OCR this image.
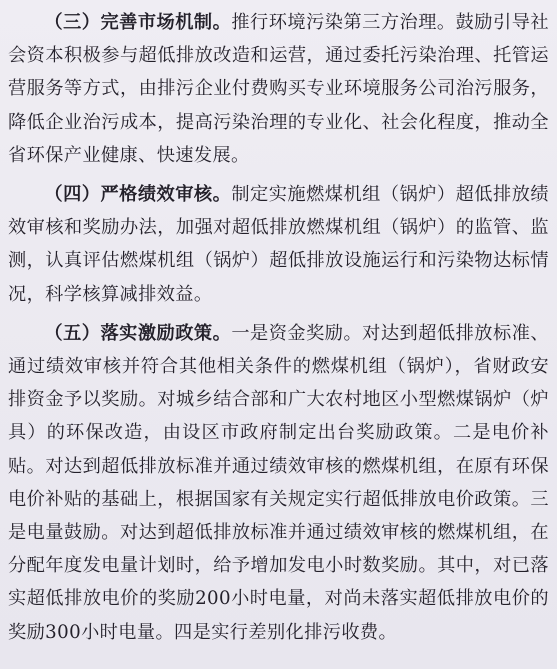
（三）完善市场机制。推行环境污染第三方治理。鼓励引导社会资本积极参与超低排放改造和运营，通过委托污染治理、托管运营服务等方式，由排污企业付费购买专业环境服务公司治污服务，降低企业治污成本，提高污染治理的专业化、社会化程度，推动全省环保产业健康、快速发展。

（四）严格绩效审核。制定实施燃煤机组（锅炉）超低排放绩效审核和奖励办法，加强对超低排放燃煤机组（锅炉）的监管、监测，认真评估燃煤机组（锅炉）超低排放设施运行和污染物达标情况，科学核算减排效益。

（五）落实激励政策。一是资金奖励。对达到超低排放标准、通过绩效审核并符合其他相关条件的燃煤机组（锅炉），省财政安排资金予以奖励。对城乡结合部和广大农村地区小型燃煤锅炉（炉具）的环保改造，由设区市政府制定出台奖励政策。二是电价补贴。对达到超低排放标准并通过绩效审核的燃煤机组，在原有环保电价补贴的基础上，根据国家有关规定实行超低排放电价政策。三是电量鼓励。对达到超低排放标准并通过绩效审核的燃煤机组，在分配年度发电量计划时，给予增加发电小时数奖励。其中，对已落实超低排放电价的奖励200小时电量，对尚未落实超低排放电价的奖励300小时电量。四是实行差别化排污收费。
